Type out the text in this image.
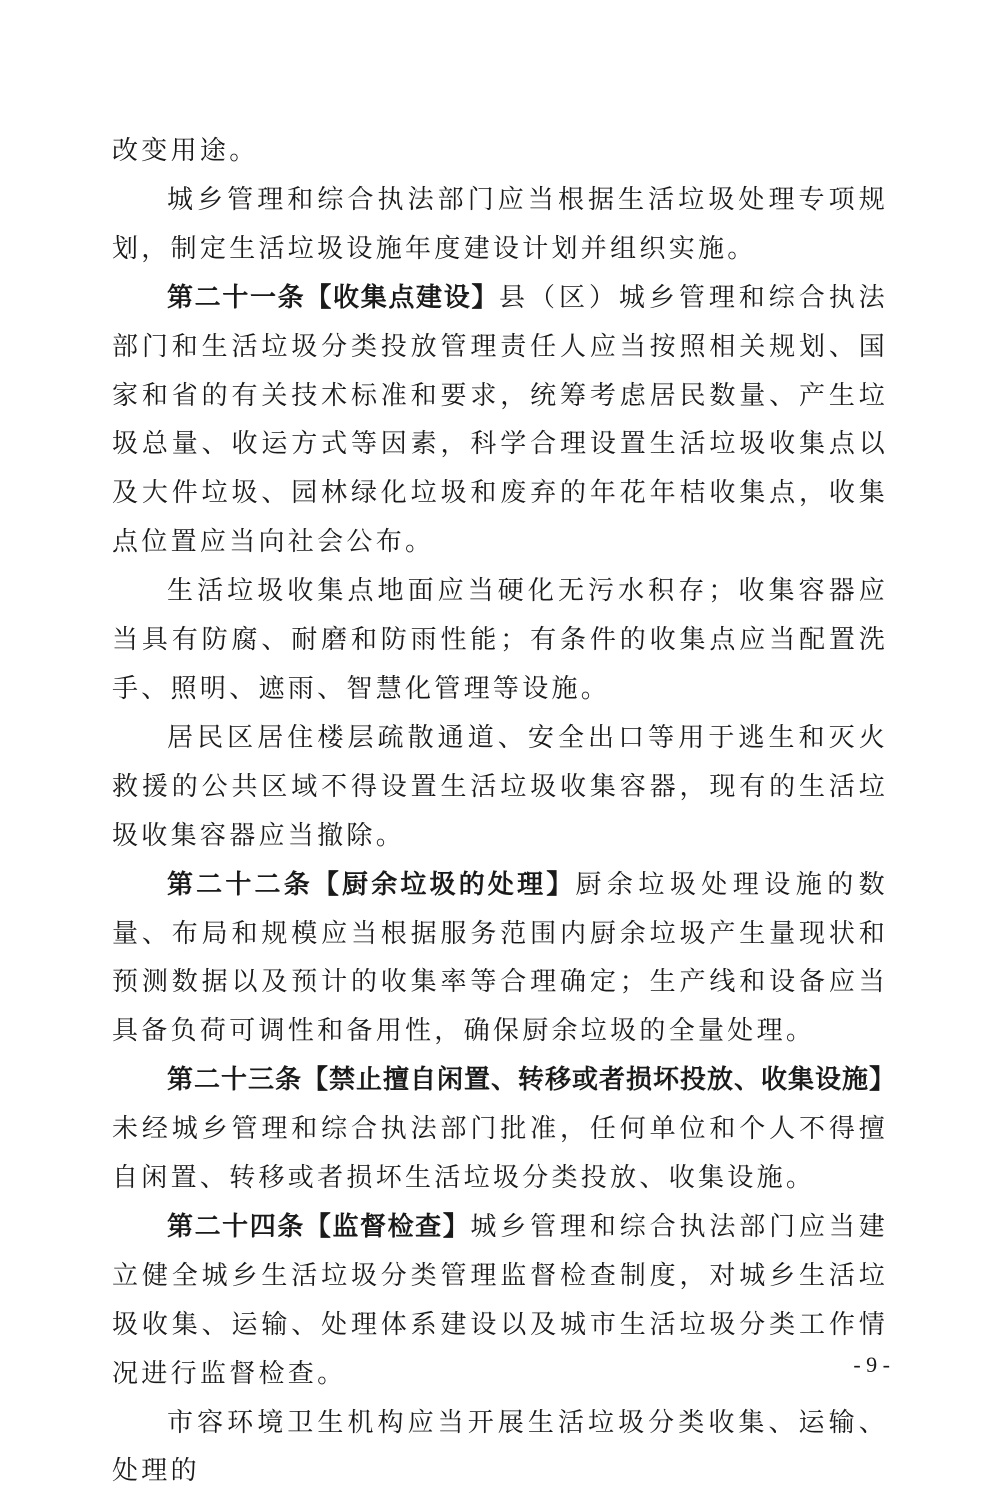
改变用途。

城乡管理和综合执法部门应当根据生活垃圾处理专项规划，制定生活垃圾设施年度建设计划并组织实施。

第二十一条【收集点建设】县（区）城乡管理和综合执法部门和生活垃圾分类投放管理责任人应当按照相关规划、国家和省的有关技术标准和要求，统筹考虑居民数量、产生垃圾总量、收运方式等因素，科学合理设置生活垃圾收集点以及大件垃圾、园林绿化垃圾和废弃的年花年桔收集点，收集点位置应当向社会公布。

生活垃圾收集点地面应当硬化无污水积存；收集容器应当具有防腐、耐磨和防雨性能；有条件的收集点应当配置洗手、照明、遮雨、智慧化管理等设施。

居民区居住楼层疏散通道、安全出口等用于逃生和灭火救援的公共区域不得设置生活垃圾收集容器，现有的生活垃圾收集容器应当撤除。

第二十二条【厨余垃圾的处理】厨余垃圾处理设施的数量、布局和规模应当根据服务范围内厨余垃圾产生量现状和预测数据以及预计的收集率等合理确定；生产线和设备应当具备负荷可调性和备用性，确保厨余垃圾的全量处理。

第二十三条【禁止擅自闲置、转移或者损坏投放、收集设施】未经城乡管理和综合执法部门批准，任何单位和个人不得擅自闲置、转移或者损坏生活垃圾分类投放、收集设施。

第二十四条【监督检查】城乡管理和综合执法部门应当建立健全城乡生活垃圾分类管理监督检查制度，对城乡生活垃圾收集、运输、处理体系建设以及城市生活垃圾分类工作情况进行监督检查。

市容环境卫生机构应当开展生活垃圾分类收集、运输、处理的

- 9 -
